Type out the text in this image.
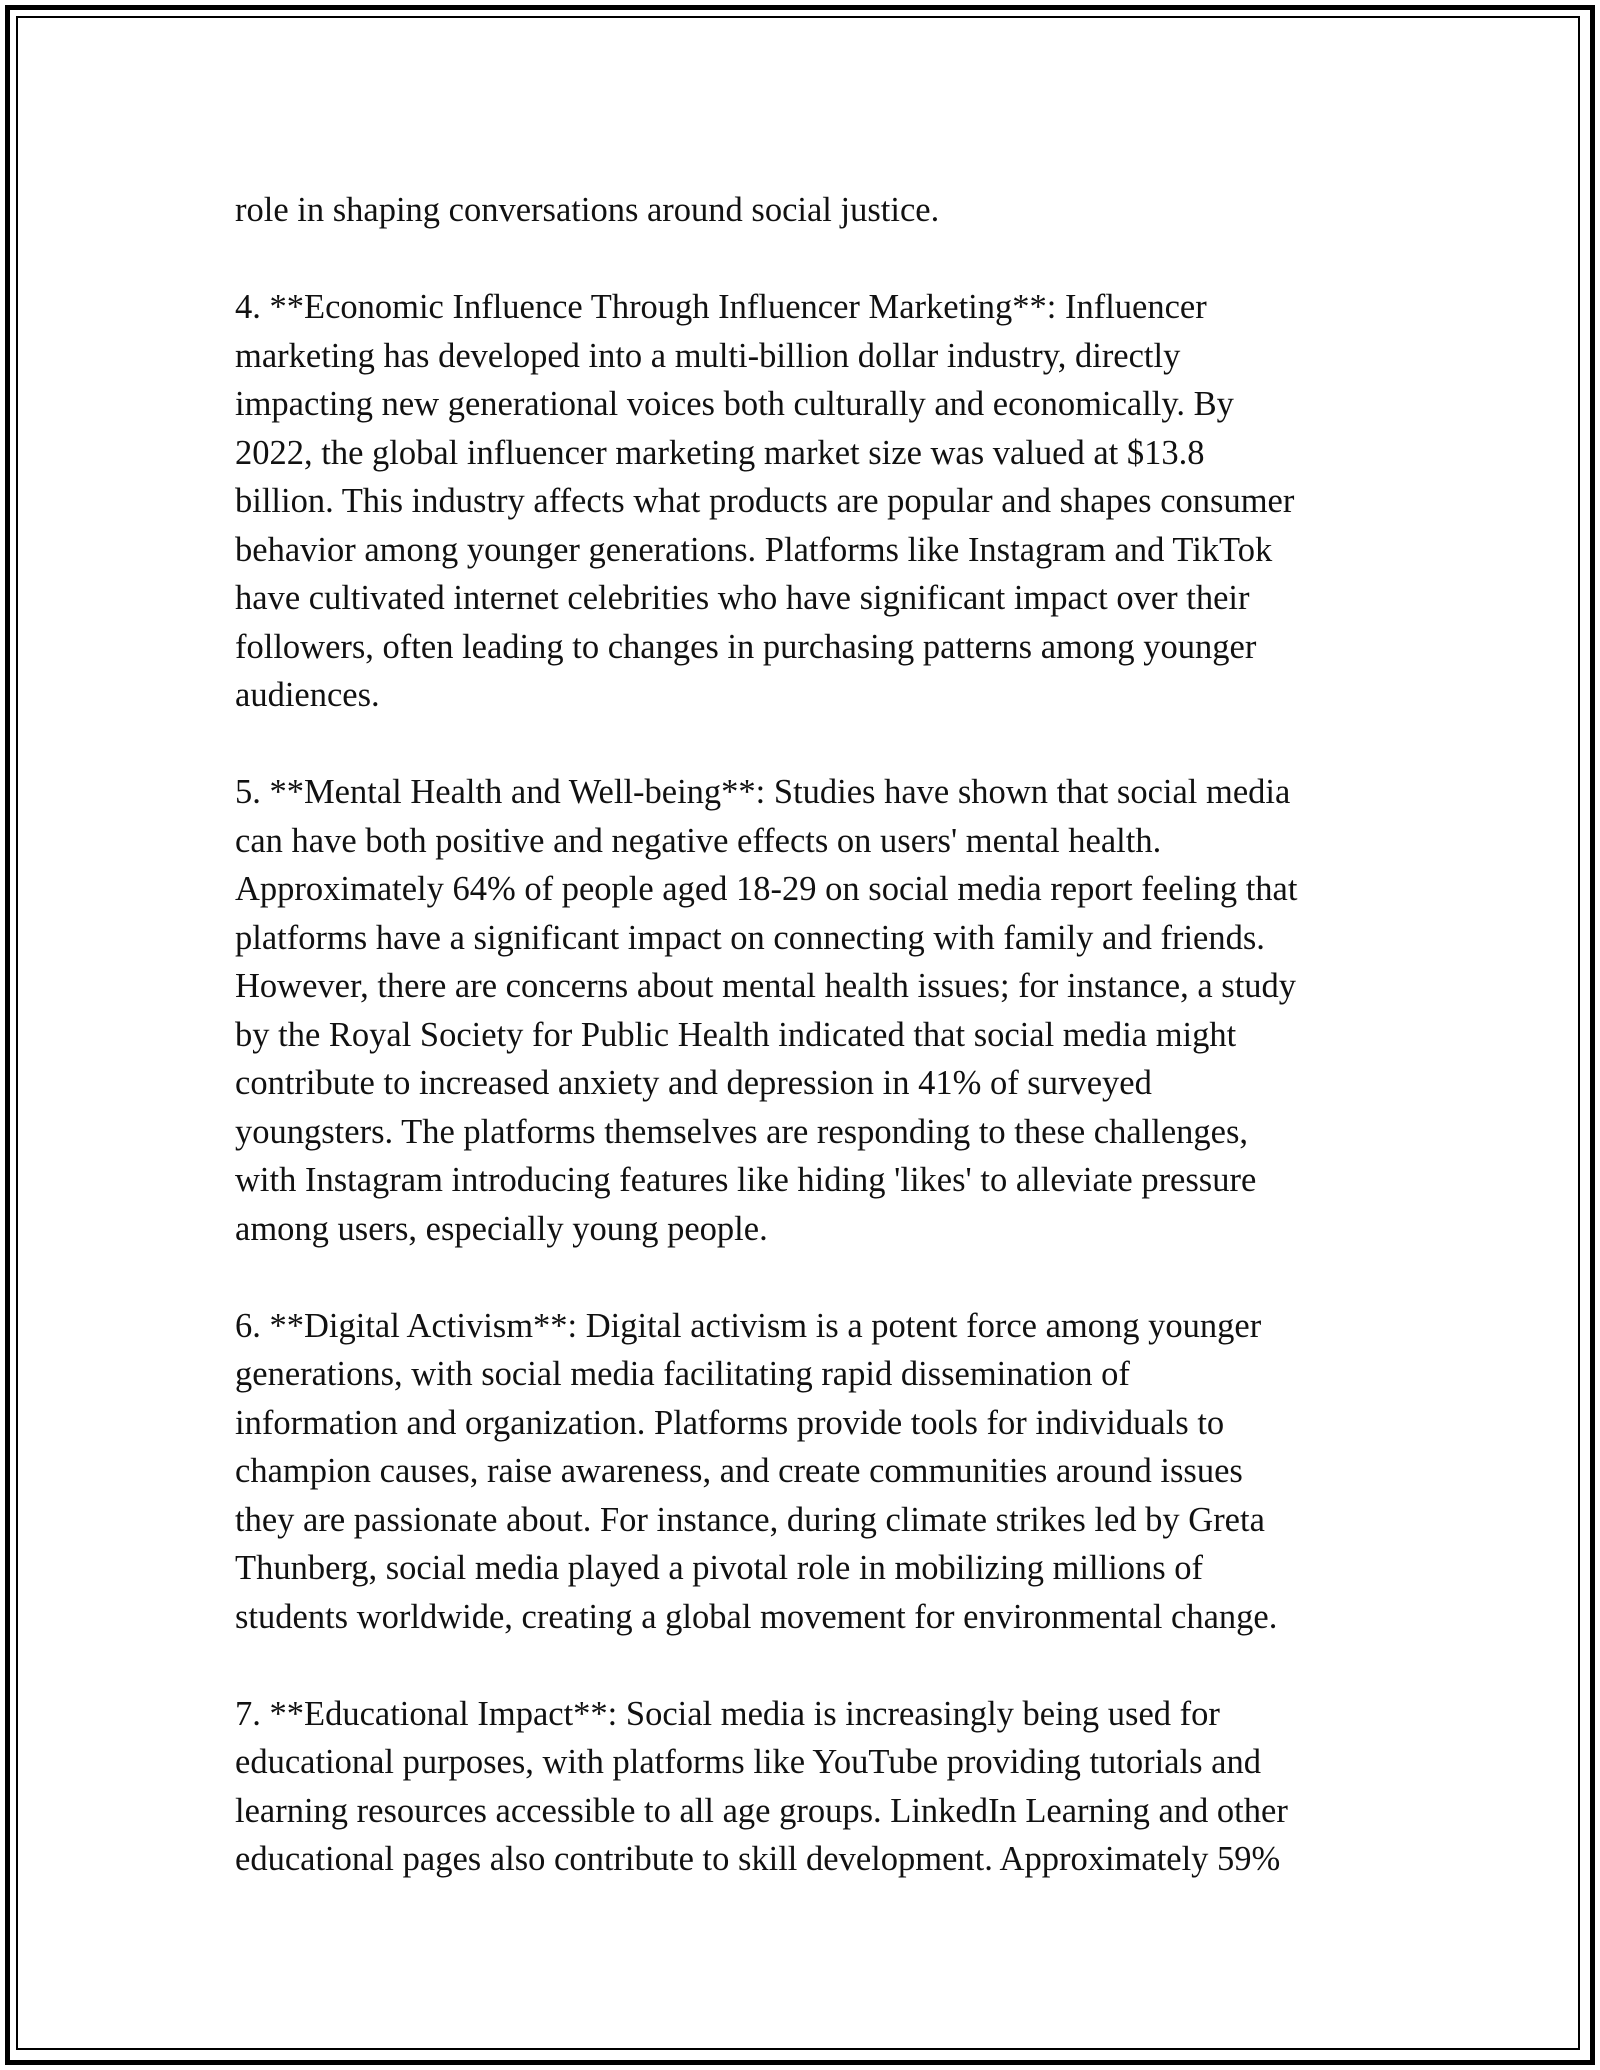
role in shaping conversations around social justice.

4. **Economic Influence Through Influencer Marketing**: Influencer
marketing has developed into a multi-billion dollar industry, directly
impacting new generational voices both culturally and economically. By
2022, the global influencer marketing market size was valued at $13.8
billion. This industry affects what products are popular and shapes consumer
behavior among younger generations. Platforms like Instagram and TikTok
have cultivated internet celebrities who have significant impact over their
followers, often leading to changes in purchasing patterns among younger
audiences.

5. **Mental Health and Well-being**: Studies have shown that social media
can have both positive and negative effects on users' mental health.
Approximately 64% of people aged 18-29 on social media report feeling that
platforms have a significant impact on connecting with family and friends.
However, there are concerns about mental health issues; for instance, a study
by the Royal Society for Public Health indicated that social media might
contribute to increased anxiety and depression in 41% of surveyed
youngsters. The platforms themselves are responding to these challenges,
with Instagram introducing features like hiding 'likes' to alleviate pressure
among users, especially young people.

6. **Digital Activism**: Digital activism is a potent force among younger
generations, with social media facilitating rapid dissemination of
information and organization. Platforms provide tools for individuals to
champion causes, raise awareness, and create communities around issues
they are passionate about. For instance, during climate strikes led by Greta
Thunberg, social media played a pivotal role in mobilizing millions of
students worldwide, creating a global movement for environmental change.

7. **Educational Impact**: Social media is increasingly being used for
educational purposes, with platforms like YouTube providing tutorials and
learning resources accessible to all age groups. LinkedIn Learning and other
educational pages also contribute to skill development. Approximately 59%
